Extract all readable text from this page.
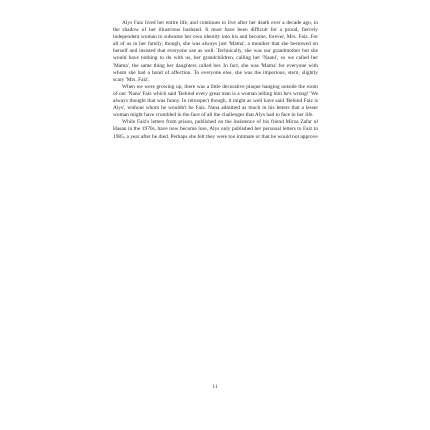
Alys Faiz lived her entire life, and continues to live after her death over a decade ago, in the shadow of her illustrious husband. It must have been difficult for a proud, fiercely independent woman to subsume her own identity into his and become, forever, Mrs. Faiz. For all of us in her family, though, she was always just 'Mama', a moniker that she bestowed on herself and insisted that everyone use as well. Technically, she was our grandmother but she would have nothing to do with us, her grandchildren, calling her 'Naani', so we called her 'Mama', the same thing her daughters called her. In fact, she was 'Mama' for everyone with whom she had a bond of affection. To everyone else, she was the imperious, stern, slightly scary 'Mrs. Faiz'.

When we were growing up, there was a little decorative plaque hanging outside the room of our 'Nana' Faiz which said 'Behind every great man is a woman telling him he's wrong!' We always thought that was funny. In retrospect though, it might as well have said 'Behind Faiz is Alys', without whom he wouldn't be Faiz. Nana admitted as much in his letters that a lesser woman might have crumbled in the face of all the challenges that Alys had to face in her life.

While Faiz's letters from prison, published on the insistence of his friend Mirza Zafar ul Hasan in the 1970s, have now become lore, Alys only published her personal letters to Faiz in 1985, a year after he died. Perhaps she felt they were too intimate or that he would not approve

11
